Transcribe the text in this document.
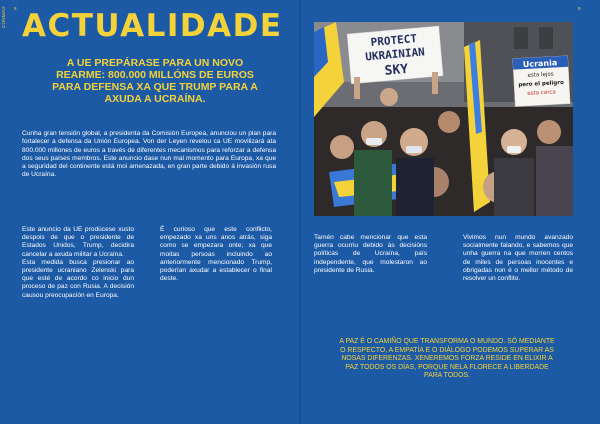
CONMAG	8	9
ACTUALIDADE
A UE PREPÁRASE PARA UN NOVO REARME: 800.000 MILLÓNS DE EUROS PARA DEFENSA XA QUE TRUMP PARA A AXUDA A UCRAÍNA.

Cunha gran tensión global, a presidenta da Comisión Europea, anunciou un plan para fortalecer a defensa da Unión Europea. Von der Leyen revelou ca UE movilizará ata 800.000 millones de euros a través de diferentes mecanismos para reforzar a defensa dos seus países membros. Este anuncio dase nun mal momento para Europa, xa que a seguridad del continente está moi amenazada, en gran parte debido á invasión rusa de Ucraína.

Este anuncio da UE prodúcese xusto despois de que o presidente de Estados Unidos, Trump, decidira cancelar a axuda militar a Ucraína.

Esta medida busca presionar ao presidente ucraniano Zelenski para que esté de acordo co inicio dun proceso de paz con Rusia. A decisión causou preocupación en Europa.

É curioso que este conflicto, empezado xa uns anos atrás, siga como se empezara onte; xa que moitas persoas incluindo ao anteriormente mencionado Trump, poderían axudar a establecer o final deste.

Tamén cabe mencionar que esta guerra ocurriu debido ás decisións políticas de Ucraína, país independente, que molestaron ao presidente de Rusia.

Vivimos nun mundo avanzado socialmente falando, e sabemos que unha guerra na que morren centos de miles de persoas inocentes e obrigadas non é o mellor método de resolver un conflito.

PROTECT
UKRAINIAN
SKY	Ucrania
esta lejos
pero el peligro
esta cerca

A PAZ É O CAMIÑO QUE TRANSFORMA O MUNDO. SÓ MEDIANTE O RESPECTO, A EMPATÍA E O DIÁLOGO PODEMOS SUPERAR AS NOSAS DIFERENZAS. XENEREMOS FORZA RESIDE EN ELIXIR A PAZ TODOS OS DÍAS, PORQUE NELA FLORECE A LIBERDADE PARA TODOS.
